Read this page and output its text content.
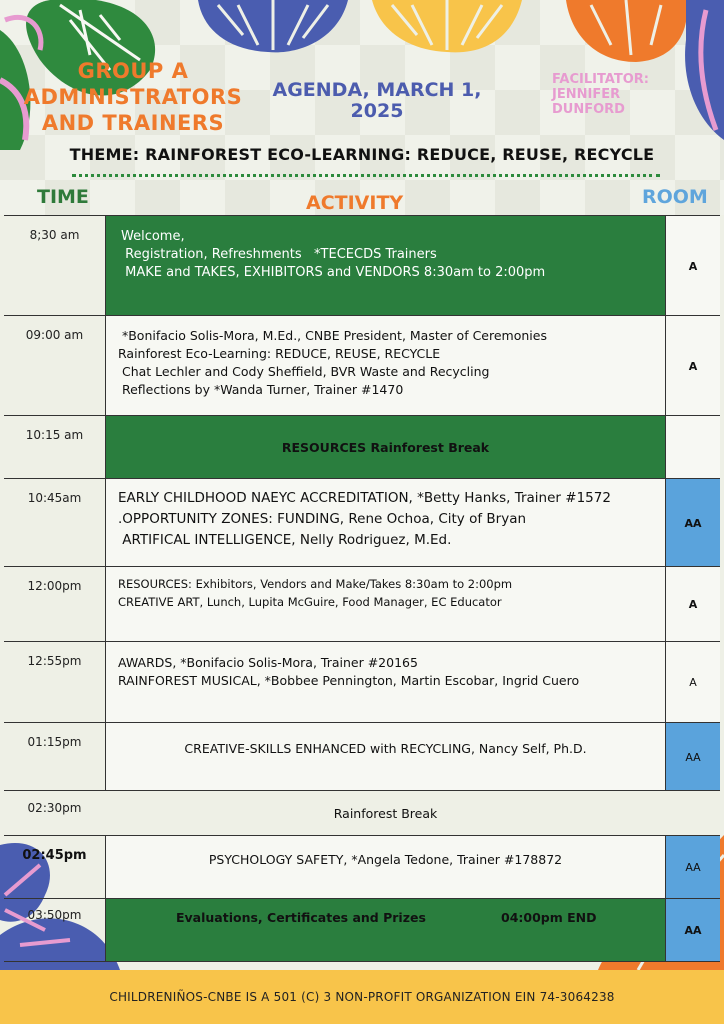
GROUP A ADMINISTRATORS AND TRAINERS
AGENDA, MARCH 1, 2025
FACILITATOR: JENNIFER DUNFORD
THEME: RAINFOREST ECO-LEARNING: REDUCE, REUSE, RECYCLE
TIME	ACTIVITY	ROOM
8;30 am	Welcome,

Registration, Refreshments   *TECECDS Trainers

MAKE and TAKES, EXHIBITORS and VENDORS 8:30am to 2:00pm	A
09:00 am	*Bonifacio Solis-Mora, M.Ed., CNBE President, Master of Ceremonies

Rainforest Eco-Learning: REDUCE, REUSE, RECYCLE

Chat Lechler and Cody Sheffield, BVR Waste and Recycling

Reflections by *Wanda Turner, Trainer #1470

A
10:15 am

RESOURCES Rainforest Break

10:45am	EARLY CHILDHOOD NAEYC ACCREDITATION, *Betty Hanks, Trainer #1572

.OPPORTUNITY ZONES: FUNDING, Rene Ochoa, City of Bryan

ARTIFICAL INTELLIGENCE, Nelly Rodriguez, M.Ed.

AA
12:00pm	RESOURCES: Exhibitors, Vendors and Make/Takes 8:30am to 2:00pm

CREATIVE ART, Lunch, Lupita McGuire, Food Manager, EC Educator	A
12:55pm	AWARDS, *Bonifacio Solis-Mora, Trainer #20165

RAINFOREST MUSICAL, *Bobbee Pennington, Martin Escobar, Ingrid Cuero	A
01:15pm	CREATIVE-SKILLS ENHANCED with RECYCLING, Nancy Self, Ph.D.

AA
02:30pm	Rainforest Break

02:45pm	PSYCHOLOGY SAFETY, *Angela Tedone, Trainer #178872

AA
03:50pm	Evaluations, Certificates and Prizes	04:00pm END

AA
CHILDRENIÑOS-CNBE IS A 501 (C) 3 NON-PROFIT ORGANIZATION EIN 74-3064238
